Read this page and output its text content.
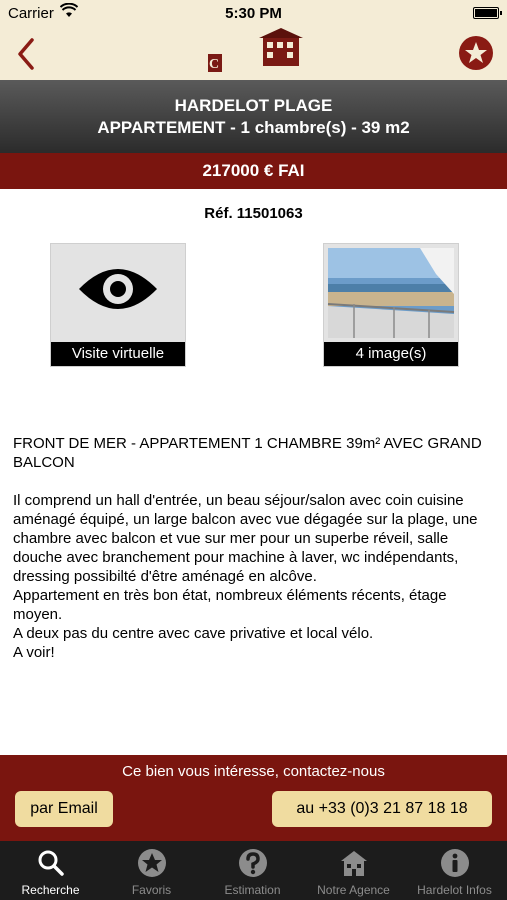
Carrier	5:30 PM
C
HARDELOT PLAGE
APPARTEMENT - 1 chambre(s) - 39 m2
217000 € FAI
Réf. 11501063
Visite virtuelle	4 image(s)

FRONT DE MER - APPARTEMENT 1 CHAMBRE 39m² AVEC GRAND BALCON

Il comprend un hall d'entrée, un beau séjour/salon avec coin cuisine aménagé équipé, un large balcon avec vue dégagée sur la plage, une chambre avec balcon et vue sur mer pour un superbe réveil, salle douche avec branchement pour machine à laver, wc indépendants, dressing possibilté d'être aménagé en alcôve.

Appartement en très bon état, nombreux éléments récents, étage moyen.

A deux pas du centre avec cave privative et local vélo.

A voir!

Ce bien vous intéresse, contactez-nous
par Email	au +33 (0)3 21 87 18 18
Recherche	Favoris	Estimation	Notre Agence	Hardelot Infos
